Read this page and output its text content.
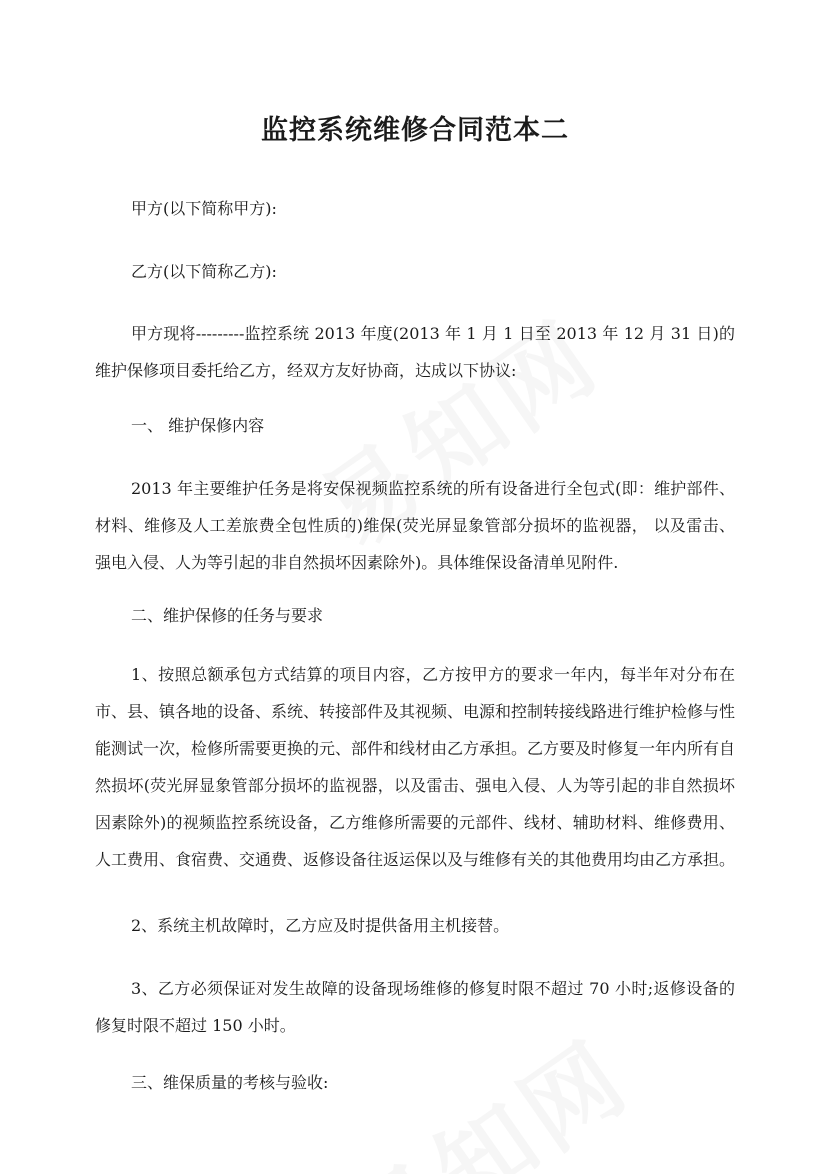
监控系统维修合同范本二

甲方(以下简称甲方):

乙方(以下简称乙方):

甲方现将---------监控系统 2013 年度(2013 年 1 月 1 日至 2013 年 12 月 31 日)的维护保修项目委托给乙方，经双方友好协商，达成以下协议:

一、 维护保修内容

2013 年主要维护任务是将安保视频监控系统的所有设备进行全包式(即：维护部件、材料、维修及人工差旅费全包性质的)维保(荧光屏显象管部分损坏的监视器， 以及雷击、强电入侵、人为等引起的非自然损坏因素除外)。具体维保设备清单见附件.

二、维护保修的任务与要求

1、按照总额承包方式结算的项目内容，乙方按甲方的要求一年内，每半年对分布在市、县、镇各地的设备、系统、转接部件及其视频、电源和控制转接线路进行维护检修与性能测试一次，检修所需要更换的元、部件和线材由乙方承担。乙方要及时修复一年内所有自然损坏(荧光屏显象管部分损坏的监视器，以及雷击、强电入侵、人为等引起的非自然损坏因素除外)的视频监控系统设备，乙方维修所需要的元部件、线材、辅助材料、维修费用、人工费用、食宿费、交通费、返修设备往返运保以及与维修有关的其他费用均由乙方承担。

2、系统主机故障时，乙方应及时提供备用主机接替。

3、乙方必须保证对发生故障的设备现场维修的修复时限不超过 70 小时;返修设备的修复时限不超过 150 小时。

三、维保质量的考核与验收:
